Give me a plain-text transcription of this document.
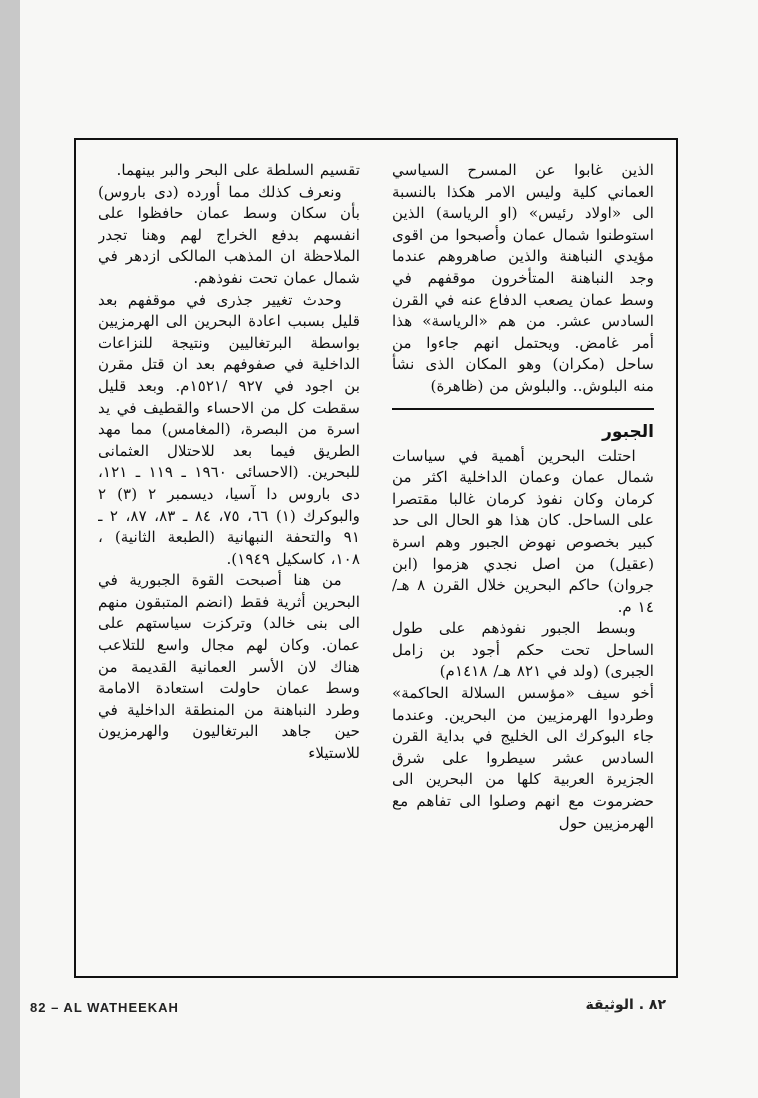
الذين غابوا عن المسرح السياسي العماني كلية وليس الامر هكذا بالنسبة الى «اولاد رئيس» (او الرياسة) الذين استوطنوا شمال عمان وأصبحوا من اقوى مؤيدي النباهنة والذين صاهروهم عندما وجد النباهنة المتأخرون موقفهم في وسط عمان يصعب الدفاع عنه في القرن السادس عشر. من هم «الرياسة» هذا أمر غامض. ويحتمل انهم جاءوا من ساحل (مكران) وهو المكان الذى نشأ منه البلوش.. والبلوش من (ظاهرة)

الجبور

احتلت البحرين أهمية في سياسات شمال عمان وعمان الداخلية اكثر من كرمان وكان نفوذ كرمان غالبا مقتصرا على الساحل. كان هذا هو الحال الى حد كبير بخصوص نهوض الجبور وهم اسرة (عقيل) من اصل نجدي هزموا (ابن جروان) حاكم البحرين خلال القرن ٨ هـ/ ١٤ م.

وبسط الجبور نفوذهم على طول الساحل تحت حكم أجود بن زامل الجبرى) (ولد في ٨٢١ هـ/ ١٤١٨م)

أخو سيف «مؤسس السلالة الحاكمة» وطردوا الهرمزيين من البحرين. وعندما جاء البوكرك الى الخليج في بداية القرن السادس عشر سيطروا على شرق الجزيرة العربية كلها من البحرين الى حضرموت مع انهم وصلوا الى تفاهم مع الهرمزيين حول

تقسيم السلطة على البحر والبر بينهما.

ونعرف كذلك مما أورده (دى باروس) بأن سكان وسط عمان حافظوا على انفسهم بدفع الخراج لهم وهنا تجدر الملاحظة ان المذهب المالكى ازدهر في شمال عمان تحت نفوذهم.

وحدث تغيير جذرى في موقفهم بعد قليل بسبب اعادة البحرين الى الهرمزيين بواسطة البرتغاليين ونتيجة للنزاعات الداخلية في صفوفهم بعد ان قتل مقرن بن اجود في ٩٢٧ /١٥٢١م. وبعد قليل سقطت كل من الاحساء والقطيف في يد اسرة من البصرة، (المغامس) مما مهد الطريق فيما بعد للاحتلال العثمانى للبحرين. (الاحسائى ١٩٦٠ ـ ١١٩ ـ ١٢١، دى باروس دا آسيا، ديسمبر ٢ (٣) ٢ والبوكرك (١) ٦٦، ٧٥، ٨٤ ـ ٨٣، ٨٧، ٢ ـ ٩١ والتحفة النبهانية (الطبعة الثانية) ، ١٠٨، كاسكيل ١٩٤٩).

من هنا أصبحت القوة الجبورية في البحرين أثرية فقط (انضم المتبقون منهم الى بنى خالد) وتركزت سياستهم على عمان. وكان لهم مجال واسع للتلاعب هناك لان الأسر العمانية القديمة من وسط عمان حاولت استعادة الامامة وطرد النباهنة من المنطقة الداخلية في حين جاهد البرتغاليون والهرمزيون للاستيلاء

82 – AL WATHEEKAH	٨٢ . الوثيقة
